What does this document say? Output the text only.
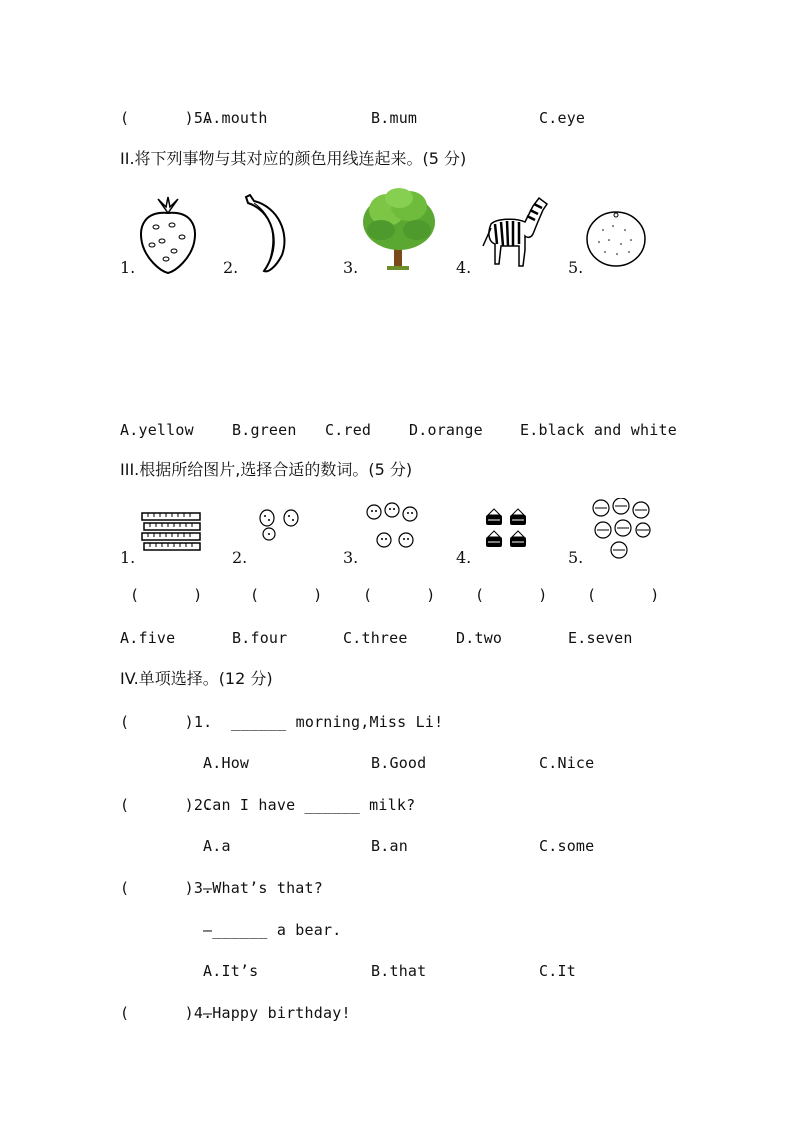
(      )5.
A.mouth	B.mum	C.eye
II.将下列事物与其对应的颜色用线连起来。(5 分)
1.	2.	3.	4.	5.
A.yellow	B.green C.red	D.orange E.black and white
III.根据所给图片,选择合适的数词。(5 分)
1.	2.	3.	4.	5.
(      )	(      )	(      )	(      )	(      )
A.five	B.four	C.three	D.two	E.seven
IV.单项选择。(12 分)
(      )1. ______ morning,Miss Li!
A.How	B.Good	C.Nice
(      )2.
Can I have ______ milk?
A.a	B.an	C.some
(      )3.
—What’s that?
—______ a bear.
A.It’s	B.that	C.It
(      )4.
—Happy birthday!
